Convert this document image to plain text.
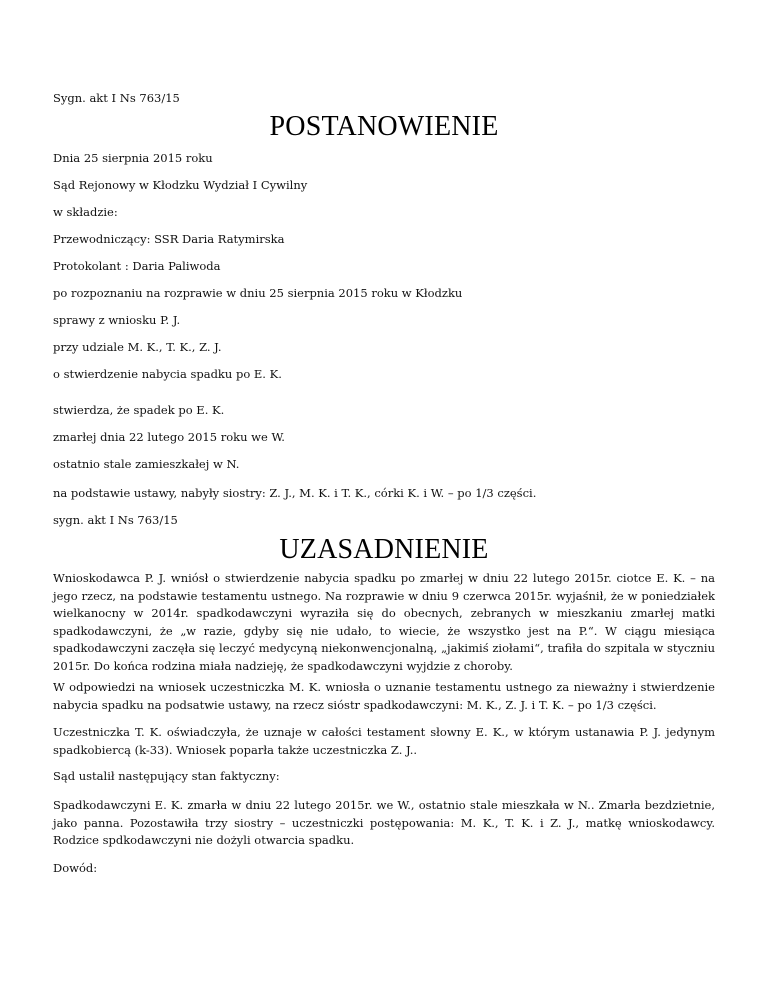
Sygn. akt I Ns 763/15
POSTANOWIENIE
Dnia 25 sierpnia 2015 roku
Sąd Rejonowy w Kłodzku Wydział I Cywilny
w składzie:
Przewodniczący: SSR Daria Ratymirska
Protokolant : Daria Paliwoda
po rozpoznaniu na rozprawie w dniu 25 sierpnia 2015 roku w Kłodzku
sprawy z wniosku P. J.
przy udziale M. K., T. K., Z. J.
o stwierdzenie nabycia spadku po E. K.
stwierdza, że spadek po E. K.
zmarłej dnia 22 lutego 2015 roku we W.
ostatnio stale zamieszkałej w N.
na podstawie ustawy, nabyły siostry: Z. J., M. K. i T. K., córki K. i W. – po 1/3 części.
sygn. akt I Ns 763/15
UZASADNIENIE
Wnioskodawca P. J. wniósł o stwierdzenie nabycia spadku po zmarłej w dniu 22 lutego 2015r. ciotce E. K. – na jego rzecz, na podstawie testamentu ustnego. Na rozprawie w dniu 9 czerwca 2015r. wyjaśnił, że w poniedziałek wielkanocny w 2014r. spadkodawczyni wyraziła się do obecnych, zebranych w mieszkaniu zmarłej matki spadkodawczyni, że „w razie, gdyby się nie udało, to wiecie, że wszystko jest na P.“. W ciągu miesiąca spadkodawczyni zaczęła się leczyć medycyną niekonwencjonalną, „jakimiś ziołami“, trafiła do szpitala w styczniu 2015r. Do końca rodzina miała nadzieję, że spadkodawczyni wyjdzie z choroby.
W odpowiedzi na wniosek uczestniczka M. K. wniosła o uznanie testamentu ustnego za nieważny i stwierdzenie nabycia spadku na podsatwie ustawy, na rzecz sióstr spadkodawczyni: M. K., Z. J. i T. K. – po 1/3 części.
Uczestniczka T. K. oświadczyła, że uznaje w całości testament słowny E. K., w którym ustanawia P. J. jedynym spadkobiercą (k-33). Wniosek poparła także uczestniczka Z. J..
Sąd ustalił następujący stan faktyczny:
Spadkodawczyni E. K. zmarła w dniu 22 lutego 2015r. we W., ostatnio stale mieszkała w N.. Zmarła bezdzietnie, jako panna. Pozostawiła trzy siostry – uczestniczki postępowania: M. K., T. K. i Z. J., matkę wnioskodawcy. Rodzice spdkodawczyni nie dożyli otwarcia spadku.
Dowód:
